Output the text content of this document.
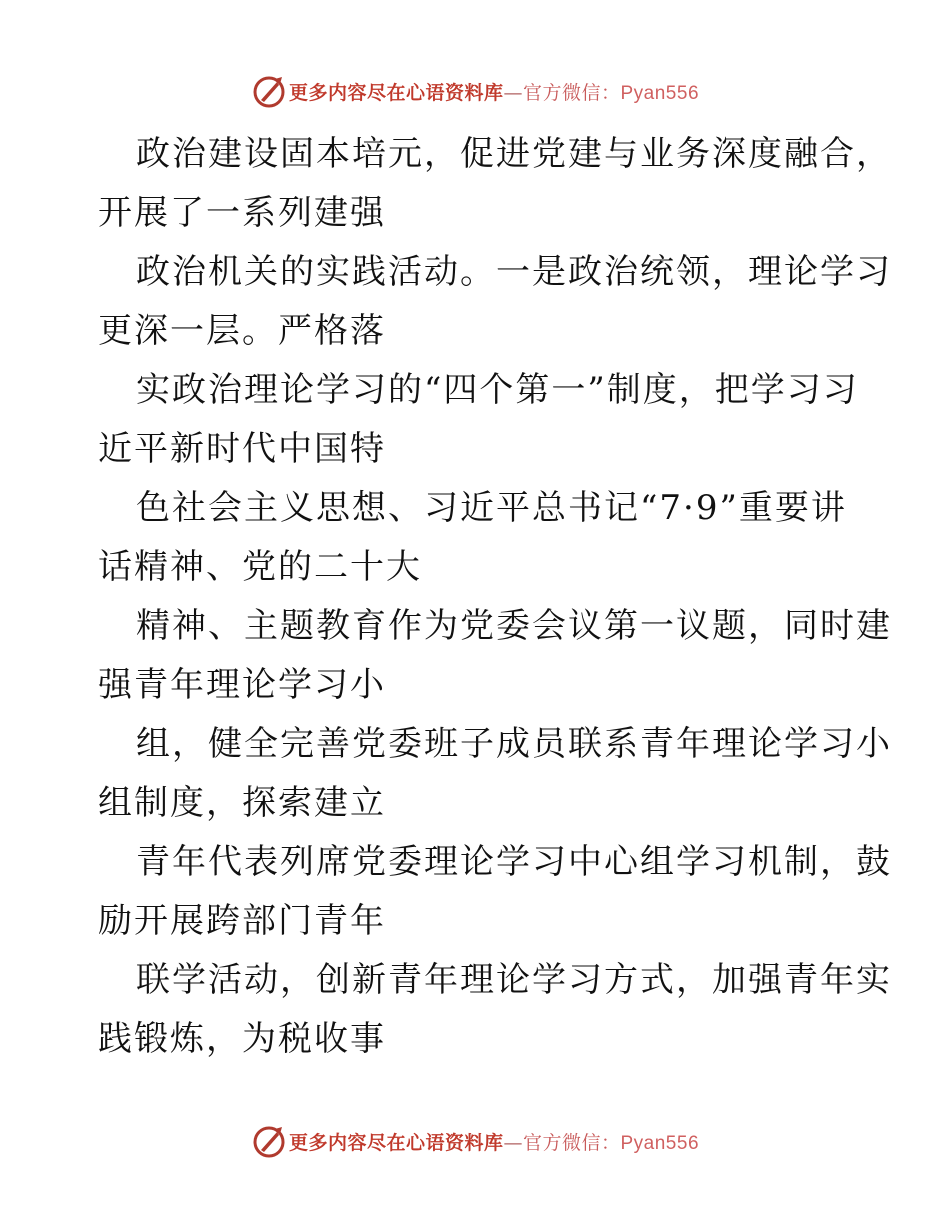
更多内容尽在心语资料库—官方微信：Pyan556
政治建设固本培元，促进党建与业务深度融合，
开展了一系列建强
政治机关的实践活动。一是政治统领，理论学习
更深一层。严格落
实政治理论学习的“四个第一”制度，把学习习
近平新时代中国特
色社会主义思想、习近平总书记“7·9”重要讲
话精神、党的二十大
精神、主题教育作为党委会议第一议题，同时建
强青年理论学习小
组，健全完善党委班子成员联系青年理论学习小
组制度，探索建立
青年代表列席党委理论学习中心组学习机制，鼓
励开展跨部门青年
联学活动，创新青年理论学习方式，加强青年实
践锻炼，为税收事
更多内容尽在心语资料库—官方微信：Pyan556
